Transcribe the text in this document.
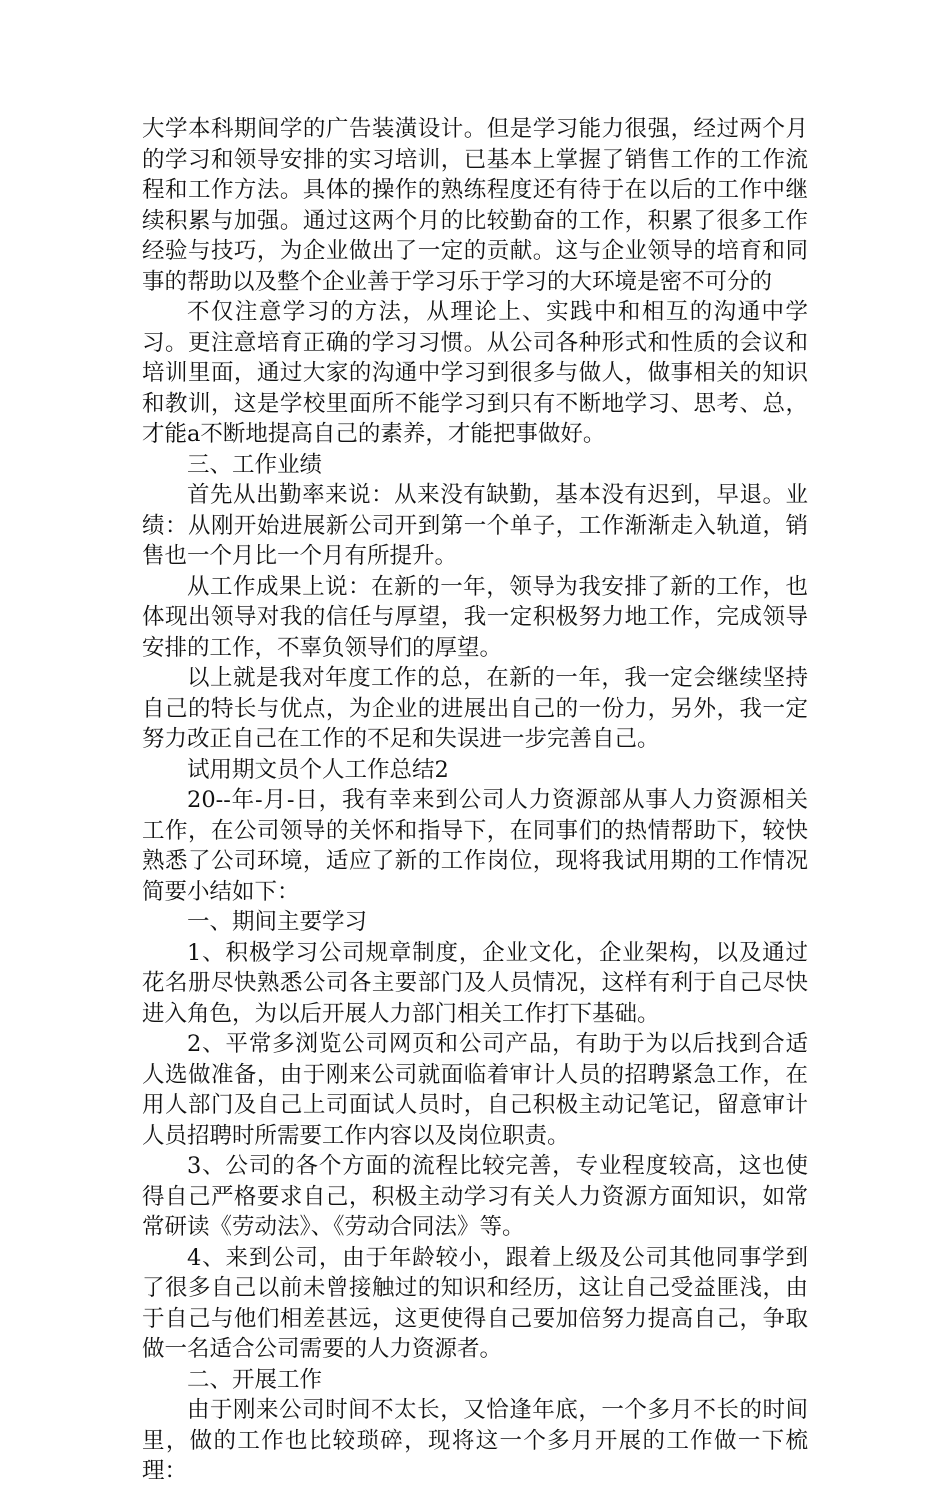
大学本科期间学的广告装潢设计。但是学习能力很强，经过两个月的学习和领导安排的实习培训，已基本上掌握了销售工作的工作流程和工作方法。具体的操作的熟练程度还有待于在以后的工作中继续积累与加强。通过这两个月的比较勤奋的工作，积累了很多工作经验与技巧，为企业做出了一定的贡献。这与企业领导的培育和同事的帮助以及整个企业善于学习乐于学习的大环境是密不可分的

不仅注意学习的方法，从理论上、实践中和相互的沟通中学习。更注意培育正确的学习习惯。从公司各种形式和性质的会议和培训里面，通过大家的沟通中学习到很多与做人，做事相关的知识和教训，这是学校里面所不能学习到只有不断地学习、思考、总，才能a不断地提高自己的素养，才能把事做好。

三、工作业绩

首先从出勤率来说：从来没有缺勤，基本没有迟到，早退。业绩：从刚开始进展新公司开到第一个单子，工作渐渐走入轨道，销售也一个月比一个月有所提升。

从工作成果上说：在新的一年，领导为我安排了新的工作，也体现出领导对我的信任与厚望，我一定积极努力地工作，完成领导安排的工作，不辜负领导们的厚望。

以上就是我对年度工作的总，在新的一年，我一定会继续坚持自己的特长与优点，为企业的进展出自己的一份力，另外，我一定努力改正自己在工作的不足和失误进一步完善自己。

试用期文员个人工作总结2

20--年-月-日，我有幸来到公司人力资源部从事人力资源相关工作，在公司领导的关怀和指导下，在同事们的热情帮助下，较快熟悉了公司环境，适应了新的工作岗位，现将我试用期的工作情况简要小结如下：

一、期间主要学习

1、积极学习公司规章制度，企业文化，企业架构，以及通过花名册尽快熟悉公司各主要部门及人员情况，这样有利于自己尽快进入角色，为以后开展人力部门相关工作打下基础。

2、平常多浏览公司网页和公司产品，有助于为以后找到合适人选做准备，由于刚来公司就面临着审计人员的招聘紧急工作，在用人部门及自己上司面试人员时，自己积极主动记笔记，留意审计人员招聘时所需要工作内容以及岗位职责。

3、公司的各个方面的流程比较完善，专业程度较高，这也使得自己严格要求自己，积极主动学习有关人力资源方面知识，如常常研读《劳动法》、《劳动合同法》等。

4、来到公司，由于年龄较小，跟着上级及公司其他同事学到了很多自己以前未曾接触过的知识和经历，这让自己受益匪浅，由于自己与他们相差甚远，这更使得自己要加倍努力提高自己，争取做一名适合公司需要的人力资源者。

二、开展工作

由于刚来公司时间不太长，又恰逢年底，一个多月不长的时间里，做的工作也比较琐碎，现将这一个多月开展的工作做一下梳理：
